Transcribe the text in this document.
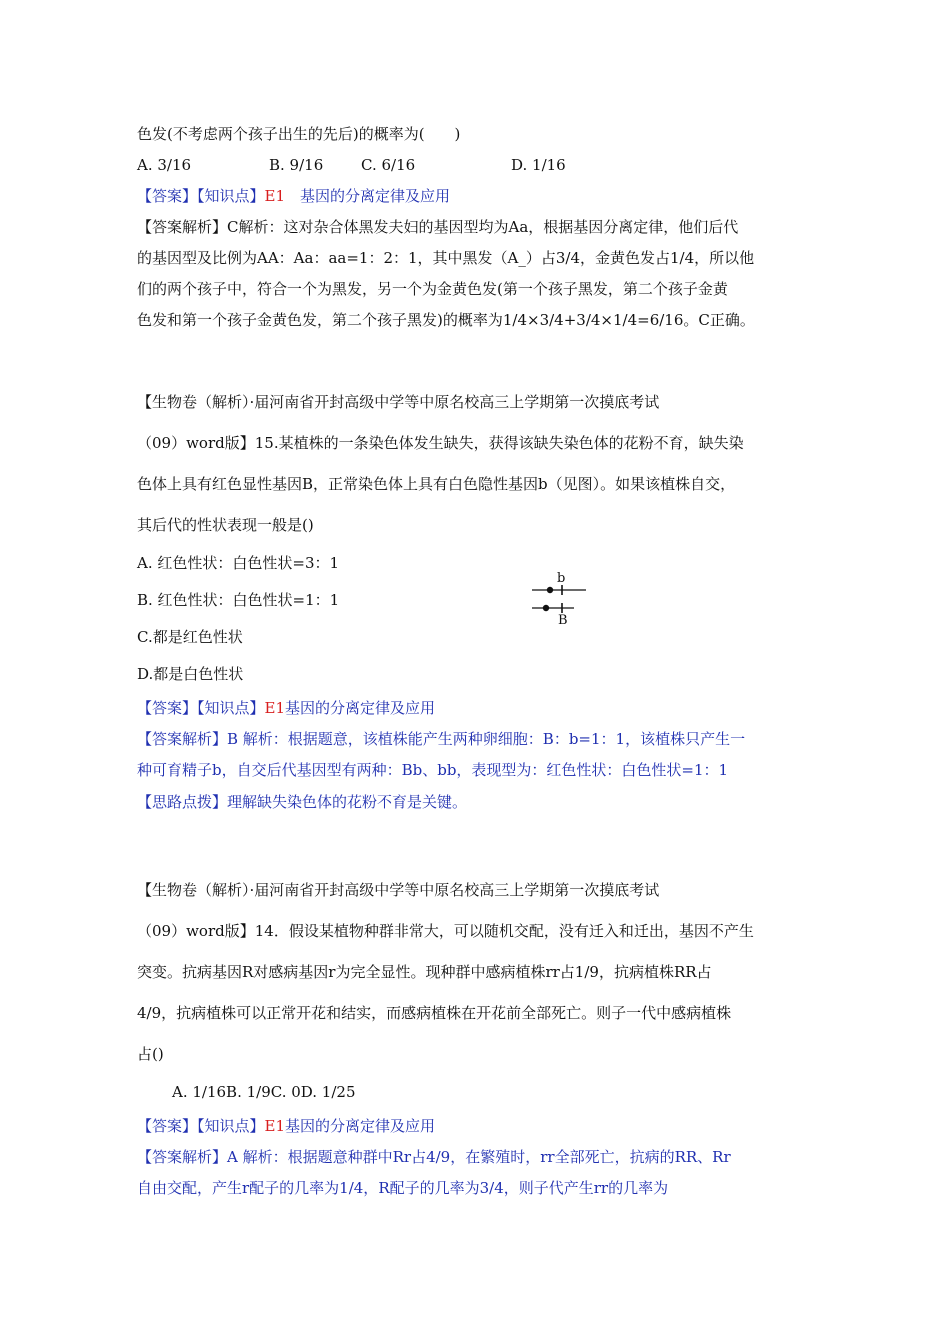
色发(不考虑两个孩子出生的先后)的概率为(　　)
A. 3/16	B. 9/16	C. 6/16	D. 1/16
【答案】【知识点】E1　基因的分离定律及应用
【答案解析】C解析：这对杂合体黑发夫妇的基因型均为Aa，根据基因分离定律，他们后代
的基因型及比例为AA：Aa：aa=1：2：1，其中黑发（A_）占3/4，金黄色发占1/4，所以他
们的两个孩子中，符合一个为黑发，另一个为金黄色发(第一个孩子黑发，第二个孩子金黄
色发和第一个孩子金黄色发，第二个孩子黑发)的概率为1/4×3/4+3/4×1/4=6/16。C正确。
【生物卷（解析）·届河南省开封高级中学等中原名校高三上学期第一次摸底考试
（09）word版】15.某植株的一条染色体发生缺失，获得该缺失染色体的花粉不育，缺失染
色体上具有红色显性基因B，正常染色体上具有白色隐性基因b（见图）。如果该植株自交，
其后代的性状表现一般是()
A. 红色性状：白色性状=3：1
B. 红色性状：白色性状=1：1
C.都是红色性状
D.都是白色性状
b
B
【答案】【知识点】E1基因的分离定律及应用
【答案解析】B 解析：根据题意，该植株能产生两种卵细胞：B：b=1：1，该植株只产生一
种可育精子b，自交后代基因型有两种：Bb、bb，表现型为：红色性状：白色性状=1：1
【思路点拨】理解缺失染色体的花粉不育是关键。
【生物卷（解析）·届河南省开封高级中学等中原名校高三上学期第一次摸底考试
（09）word版】14．假设某植物种群非常大，可以随机交配，没有迁入和迁出，基因不产生
突变。抗病基因R对感病基因r为完全显性。现种群中感病植株rr占1/9，抗病植株RR占
4/9，抗病植株可以正常开花和结实，而感病植株在开花前全部死亡。则子一代中感病植株
占()
A. 1/16B. 1/9C. 0D. 1/25
【答案】【知识点】E1基因的分离定律及应用
【答案解析】A 解析：根据题意种群中Rr占4/9，在繁殖时，rr全部死亡，抗病的RR、Rr
自由交配，产生r配子的几率为1/4，R配子的几率为3/4，则子代产生rr的几率为
